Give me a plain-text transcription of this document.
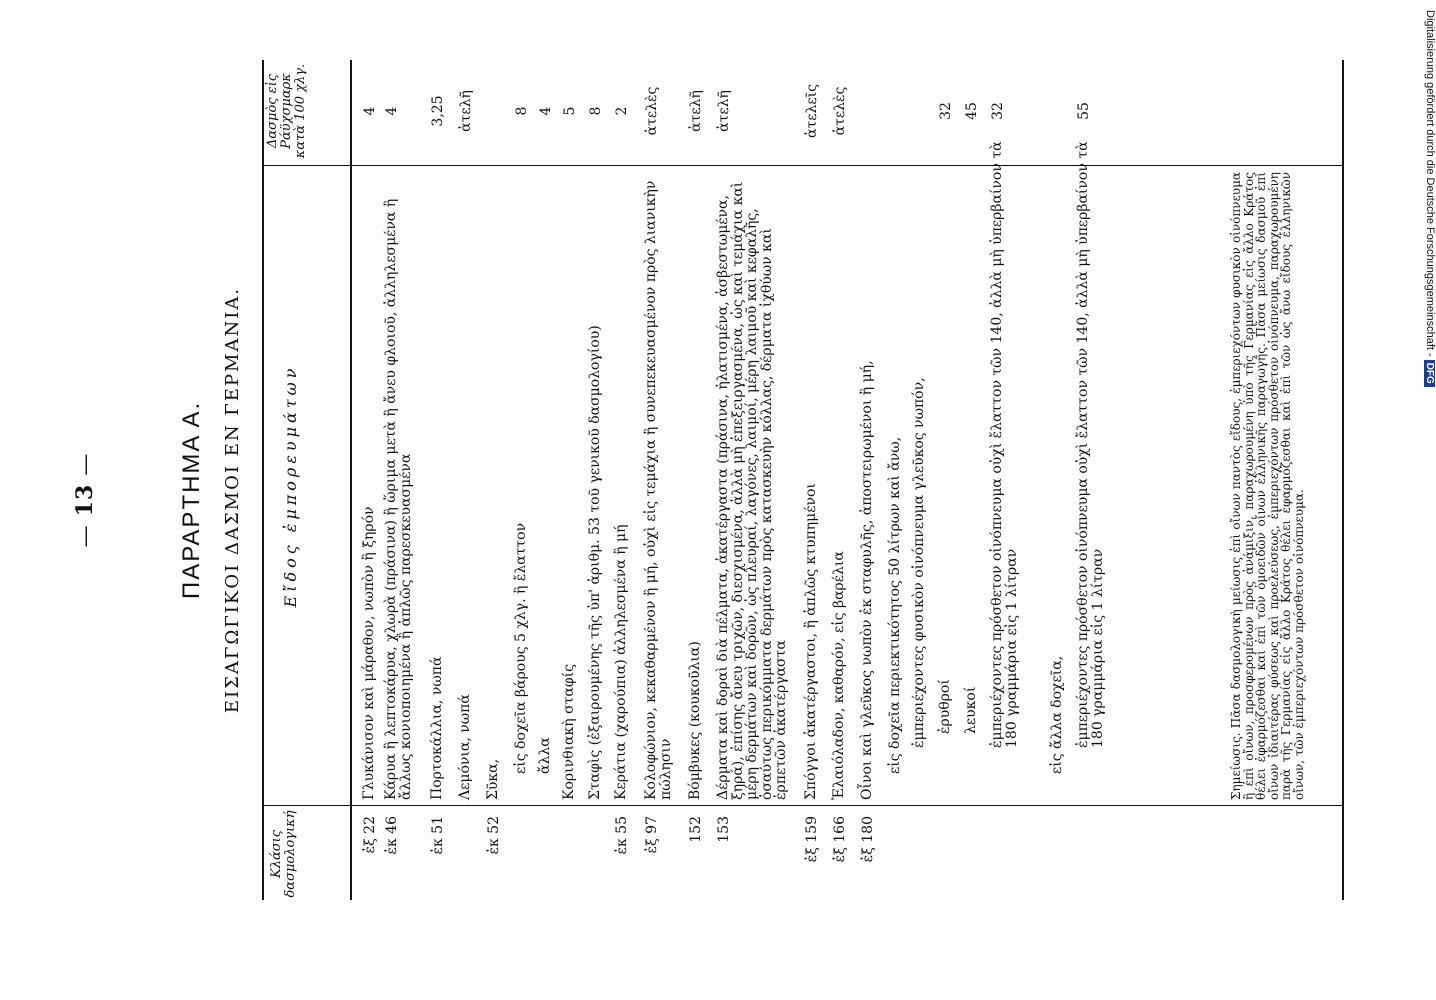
— 13 —	ΠΑΡΑΡΤΗΜΑ Α. ΕΙΣΑΓΩΓΙΚΟΙ ΔΑΣΜΟΙ ΕΝ ΓΕΡΜΑΝΙΑ.
Κλάσις δασμολογική
Εἴδος ἐμπορευμάτων
Δασμὸς εἰς Ράϋχσμαρκ κατὰ 100 χλγ.
ἐξ 22
Γλυκάνισον καὶ μάραθον, νωπὸν ἢ ξηρόν
4
ἐκ 46
Κάρυα ἢ λεπτοκάρυα, χλωρὰ (πράσινα) ἢ ὥριμα μετὰ ἢ ἄνευ φλοιοῦ, ἀλληλεσμένα ἢ ἄλλως κονιοποιημένα ἢ ἁπλῶς παρεσκευασμένα
4
ἐκ 51
Πορτοκάλλια, νωπά
3,25
Λεμόνια, νωπά
ἀτελῆ
ἐκ 52
Σῦκα,
εἰς δοχεῖα βάρους 5 χλγ. ἢ ἔλαττον
8
ἄλλα
4
Κορινθιακὴ σταφίς
5
Σταφὶς (ἐξαιρουμένης τῆς ὑπ' ἀριθμ. 53 τοῦ γενικοῦ δασμολογίου)
8
ἐκ 55
Κεράτια (χαρούπια) ἀλληλεσμένα ἢ μή
2
ἐξ 97
Κολοφώνιον, κεκαθαρμένον ἢ μή, οὐχὶ εἰς τεμάχια ἢ συνεπεκευασμένον πρὸς λιανικὴν πώλησιν
ἀτελὲς
152
Βόμβυκες (κουκοῦλια)
ἀτελῆ
153
Δέρματα καὶ δοραὶ διὰ πέλματα, ἀκατέργαστα (πράσινα, ἡλατισμένα, ἀσβεστωμένα, ξηρά), ἐπίσης ἄνευ τριχῶν, διεσχισμένα, ἀλλὰ μὴ ἐπεξειργασμένα, ὡς καὶ τεμάχια καὶ μέρη δερμάτων καὶ δορῶν, ὡς πλευραί, λαγόνες, λαιμοί, μέρη λαιμοῦ καὶ κεφαλῆς, ὁσαύτως περικόμματα δερμάτων πρὸς κατασκευὴν κόλλας, δέρματα ἰχθύων καὶ ἑρπετῶν ἀκατέργαστα
ἀτελῆ
ἐξ 159
Σπόγγοι ἀκατέργαστοι, ἢ ἁπλῶς κτυπημένοι
ἀτελεῖς
ἐξ 166
Ἐλαιόλαδον, καθαρόν, εἰς βαρέλια
ἀτελὲς
ἐξ 180
Οἶνοι καὶ γλεῦκος νωπὸν ἐκ σταφυλῆς, ἀποστειρωμένοι ἢ μή, εἰς δοχεῖα περιεκτικότητος 50 λίτρων καὶ ἄνω, ἐμπεριέχοντες φυσικὸν οἰνόπνευμα γλεῦκος νωπόν, ἐρυθροί
32
λευκοί
45
ἐμπεριέχοντες πρόσθετον οἰνόπνευμα οὐχὶ ἔλαττον τῶν 140, ἀλλὰ μὴ ὑπερβαίνον τὰ 180 γραμμάρια εἰς 1 λίτραν
32
εἰς ἄλλα δοχεῖα, ἐμπεριέχοντες πρόσθετον οἰνόπνευμα οὐχὶ ἔλαττον τῶν 140, ἀλλὰ μὴ ὑπερβαίνον τὰ 180 γραμμάρια εἰς 1 λίτραν
55
Σημείωσις. Πᾶσα δασμολογικὴ μείωσις ἐπὶ οἴνων παντὸς εἴδους, ἐμπεριεχόντων φυσικὸν οἰνόπνευμα ἢ ἐπὶ οἴνων, προσφερομένων πρὸς ἀνάμιξιν, παραχωρουμένη ὑπὸ τῆς Γερμανίας εἰς ἄλλο Κράτος θέλει ἐφαρμόζεσθαι καὶ ἐπὶ τῶν ὁμοειδῶν οἴνων ἑλληνικῆς παραγωγῆς. Πᾶσα μείωσις δασμοῦ ἐπὶ οἴνων ἰδιαιτέρας φύσεως καὶ προελεύσεως, ἐμπεριεχόντων πρόσθετον οἰνόπνευμα, παραχωρουμένη παρὰ τῆς Γερμανίας εἰς ἄλλο Κράτος θέλει ἐφαρμόζεσθαι καὶ ἐπὶ τῶν ὡς ἄνω εἴδους ἑλληνικῶν οἴνων, τῶν ἐμπεριεχόντων πρόσθετον οἰνόπνευμα.
Digitalisierung gefördert durch die Deutsche Forschungsgemeinschaft -DFG
